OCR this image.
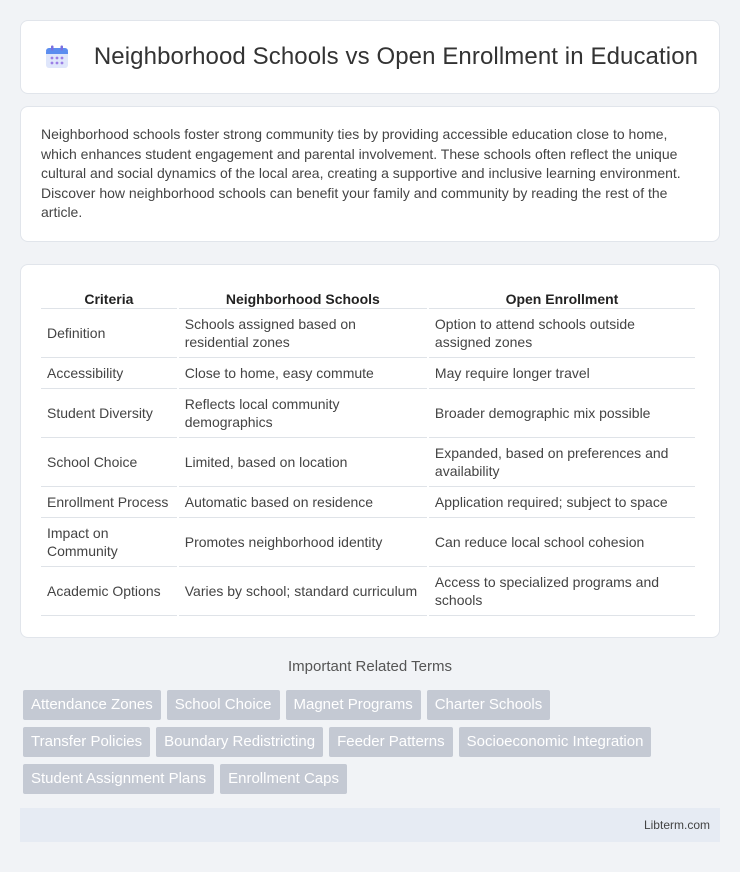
Neighborhood Schools vs Open Enrollment in Education

Neighborhood schools foster strong community ties by providing accessible education close to home, which enhances student engagement and parental involvement. These schools often reflect the unique cultural and social dynamics of the local area, creating a supportive and inclusive learning environment. Discover how neighborhood schools can benefit your family and community by reading the rest of the article.

Criteria	Neighborhood Schools	Open Enrollment
Definition	Schools assigned based on residential zones	Option to attend schools outside assigned zones
Accessibility	Close to home, easy commute	May require longer travel
Student Diversity	Reflects local community demographics	Broader demographic mix possible
School Choice	Limited, based on location	Expanded, based on preferences and availability
Enrollment Process	Automatic based on residence	Application required; subject to space
Impact on Community	Promotes neighborhood identity	Can reduce local school cohesion
Academic Options	Varies by school; standard curriculum	Access to specialized programs and schools
Important Related Terms
Attendance Zones	School Choice	Magnet Programs	Charter Schools
Transfer Policies	Boundary Redistricting	Feeder Patterns	Socioeconomic Integration
Student Assignment Plans	Enrollment Caps
Libterm.com
